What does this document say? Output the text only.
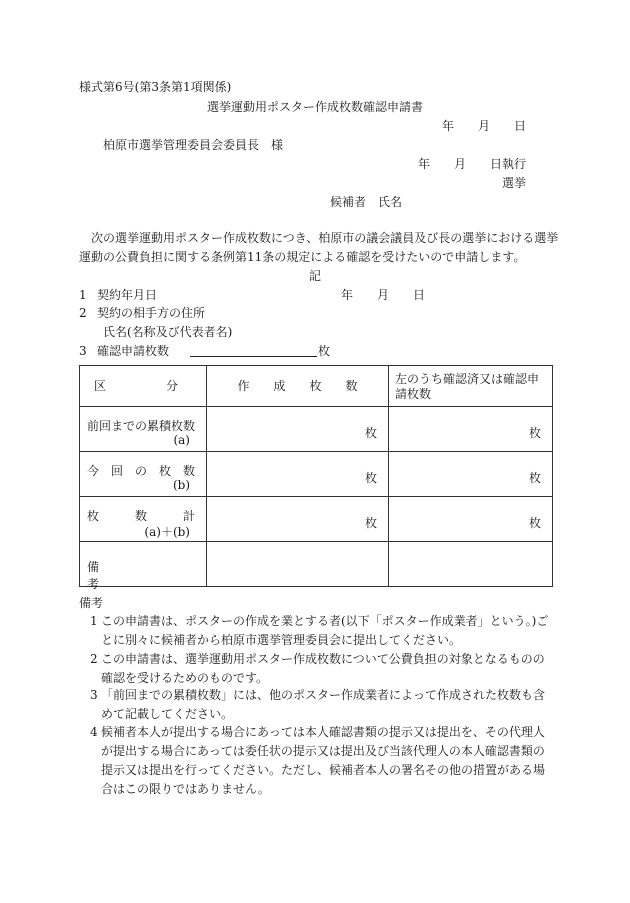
様式第6号(第3条第1項関係)
選挙運動用ポスター作成枚数確認申請書
年　　月　　日
柏原市選挙管理委員会委員長　様
年　　月　　日執行
選挙
候補者　氏名
次の選挙運動用ポスター作成枚数につき、柏原市の議会議員及び長の選挙における選挙
運動の公費負担に関する条例第11条の規定による確認を受けたいので申請します。
記
1 契約年月日	年　　月　　日
2 契約の相手方の住所
氏名(名称及び代表者名)
3 確認申請枚数	枚
区　　　　　分	作　　成　　枚　　数	左のうち確認済又は確認申請枚数

前回までの累積枚数
(a)	枚	枚

今　回　の　枚　数
(b)	枚	枚

枚　　　数　　　計
(a)＋(b)	枚	枚

備　　　　　　　　考		

備考
1 この申請書は、ポスターの作成を業とする者(以下「ポスター作成業者」という。)ごとに別々に候補者から柏原市選挙管理委員会に提出してください。
2 この申請書は、選挙運動用ポスター作成枚数について公費負担の対象となるものの確認を受けるためのものです。
3 「前回までの累積枚数」には、他のポスター作成業者によって作成された枚数も含めて記載してください。
4 候補者本人が提出する場合にあっては本人確認書類の提示又は提出を、その代理人が提出する場合にあっては委任状の提示又は提出及び当該代理人の本人確認書類の提示又は提出を行ってください。ただし、候補者本人の署名その他の措置がある場合はこの限りではありません。
